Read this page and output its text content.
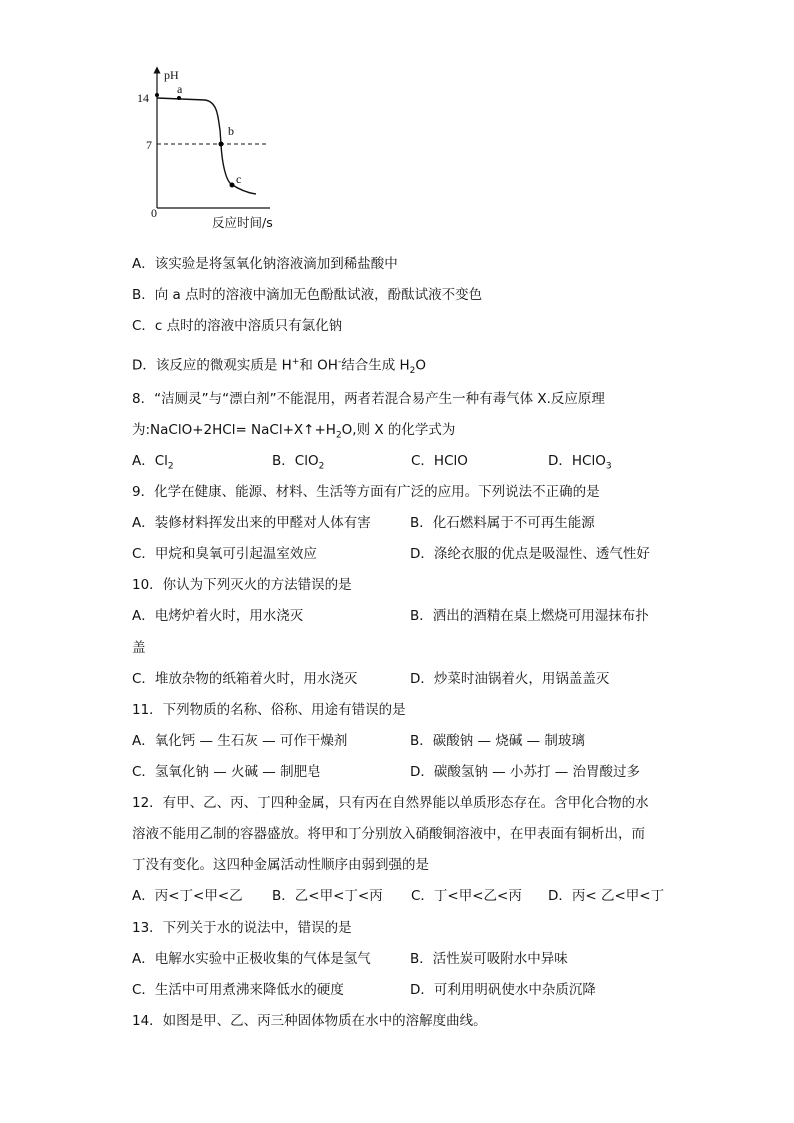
pH
14
7
0
a
b
c
反应时间/s
A．该实验是将氢氧化钠溶液滴加到稀盐酸中
B．向 a 点时的溶液中滴加无色酚酞试液，酚酞试液不变色
C．c 点时的溶液中溶质只有氯化钠
D．该反应的微观实质是 H+和 OH-结合生成 $H_2O$
8．“洁厕灵”与“漂白剂”不能混用，两者若混合易产生一种有毒气体 X.反应原理
为:NaClO+2HCl= $NaCl+X↑+H_2O$,则 X 的化学式为
A．$Cl_2$	B．ClO$_2$	C．HClO	D．HClO$_3$
9．化学在健康、能源、材料、生活等方面有广泛的应用。下列说法不正确的是
A．装修材料挥发出来的甲醛对人体有害	B．化石燃料属于不可再生能源
C．甲烷和臭氧可引起温室效应	D．涤纶衣服的优点是吸湿性、透气性好
10．你认为下列灭火的方法错误的是
A．电烤炉着火时，用水浇灭	B．洒出的酒精在桌上燃烧可用湿抹布扑
盖
C．堆放杂物的纸箱着火时，用水浇灭	D．炒菜时油锅着火，用锅盖盖灭
11．下列物质的名称、俗称、用途有错误的是
A．氧化钙 — 生石灰 — 可作干燥剂	B．碳酸钠 — 烧碱 — 制玻璃
C．氢氧化钠 — 火碱 — 制肥皂	D．碳酸氢钠 — 小苏打 — 治胃酸过多
12．有甲、乙、丙、丁四种金属，只有丙在自然界能以单质形态存在。含甲化合物的水
溶液不能用乙制的容器盛放。将甲和丁分别放入硝酸铜溶液中，在甲表面有铜析出，而
丁没有变化。这四种金属活动性顺序由弱到强的是
A．丙<丁<甲<乙 B．乙<甲<丁<丙 C．丁<甲<乙<丙 D．丙< 乙<甲<丁
13．下列关于水的说法中，错误的是
A．电解水实验中正极收集的气体是氢气	B．活性炭可吸附水中异味
C．生活中可用煮沸来降低水的硬度	D．可利用明矾使水中杂质沉降
14．如图是甲、乙、丙三种固体物质在水中的溶解度曲线。
